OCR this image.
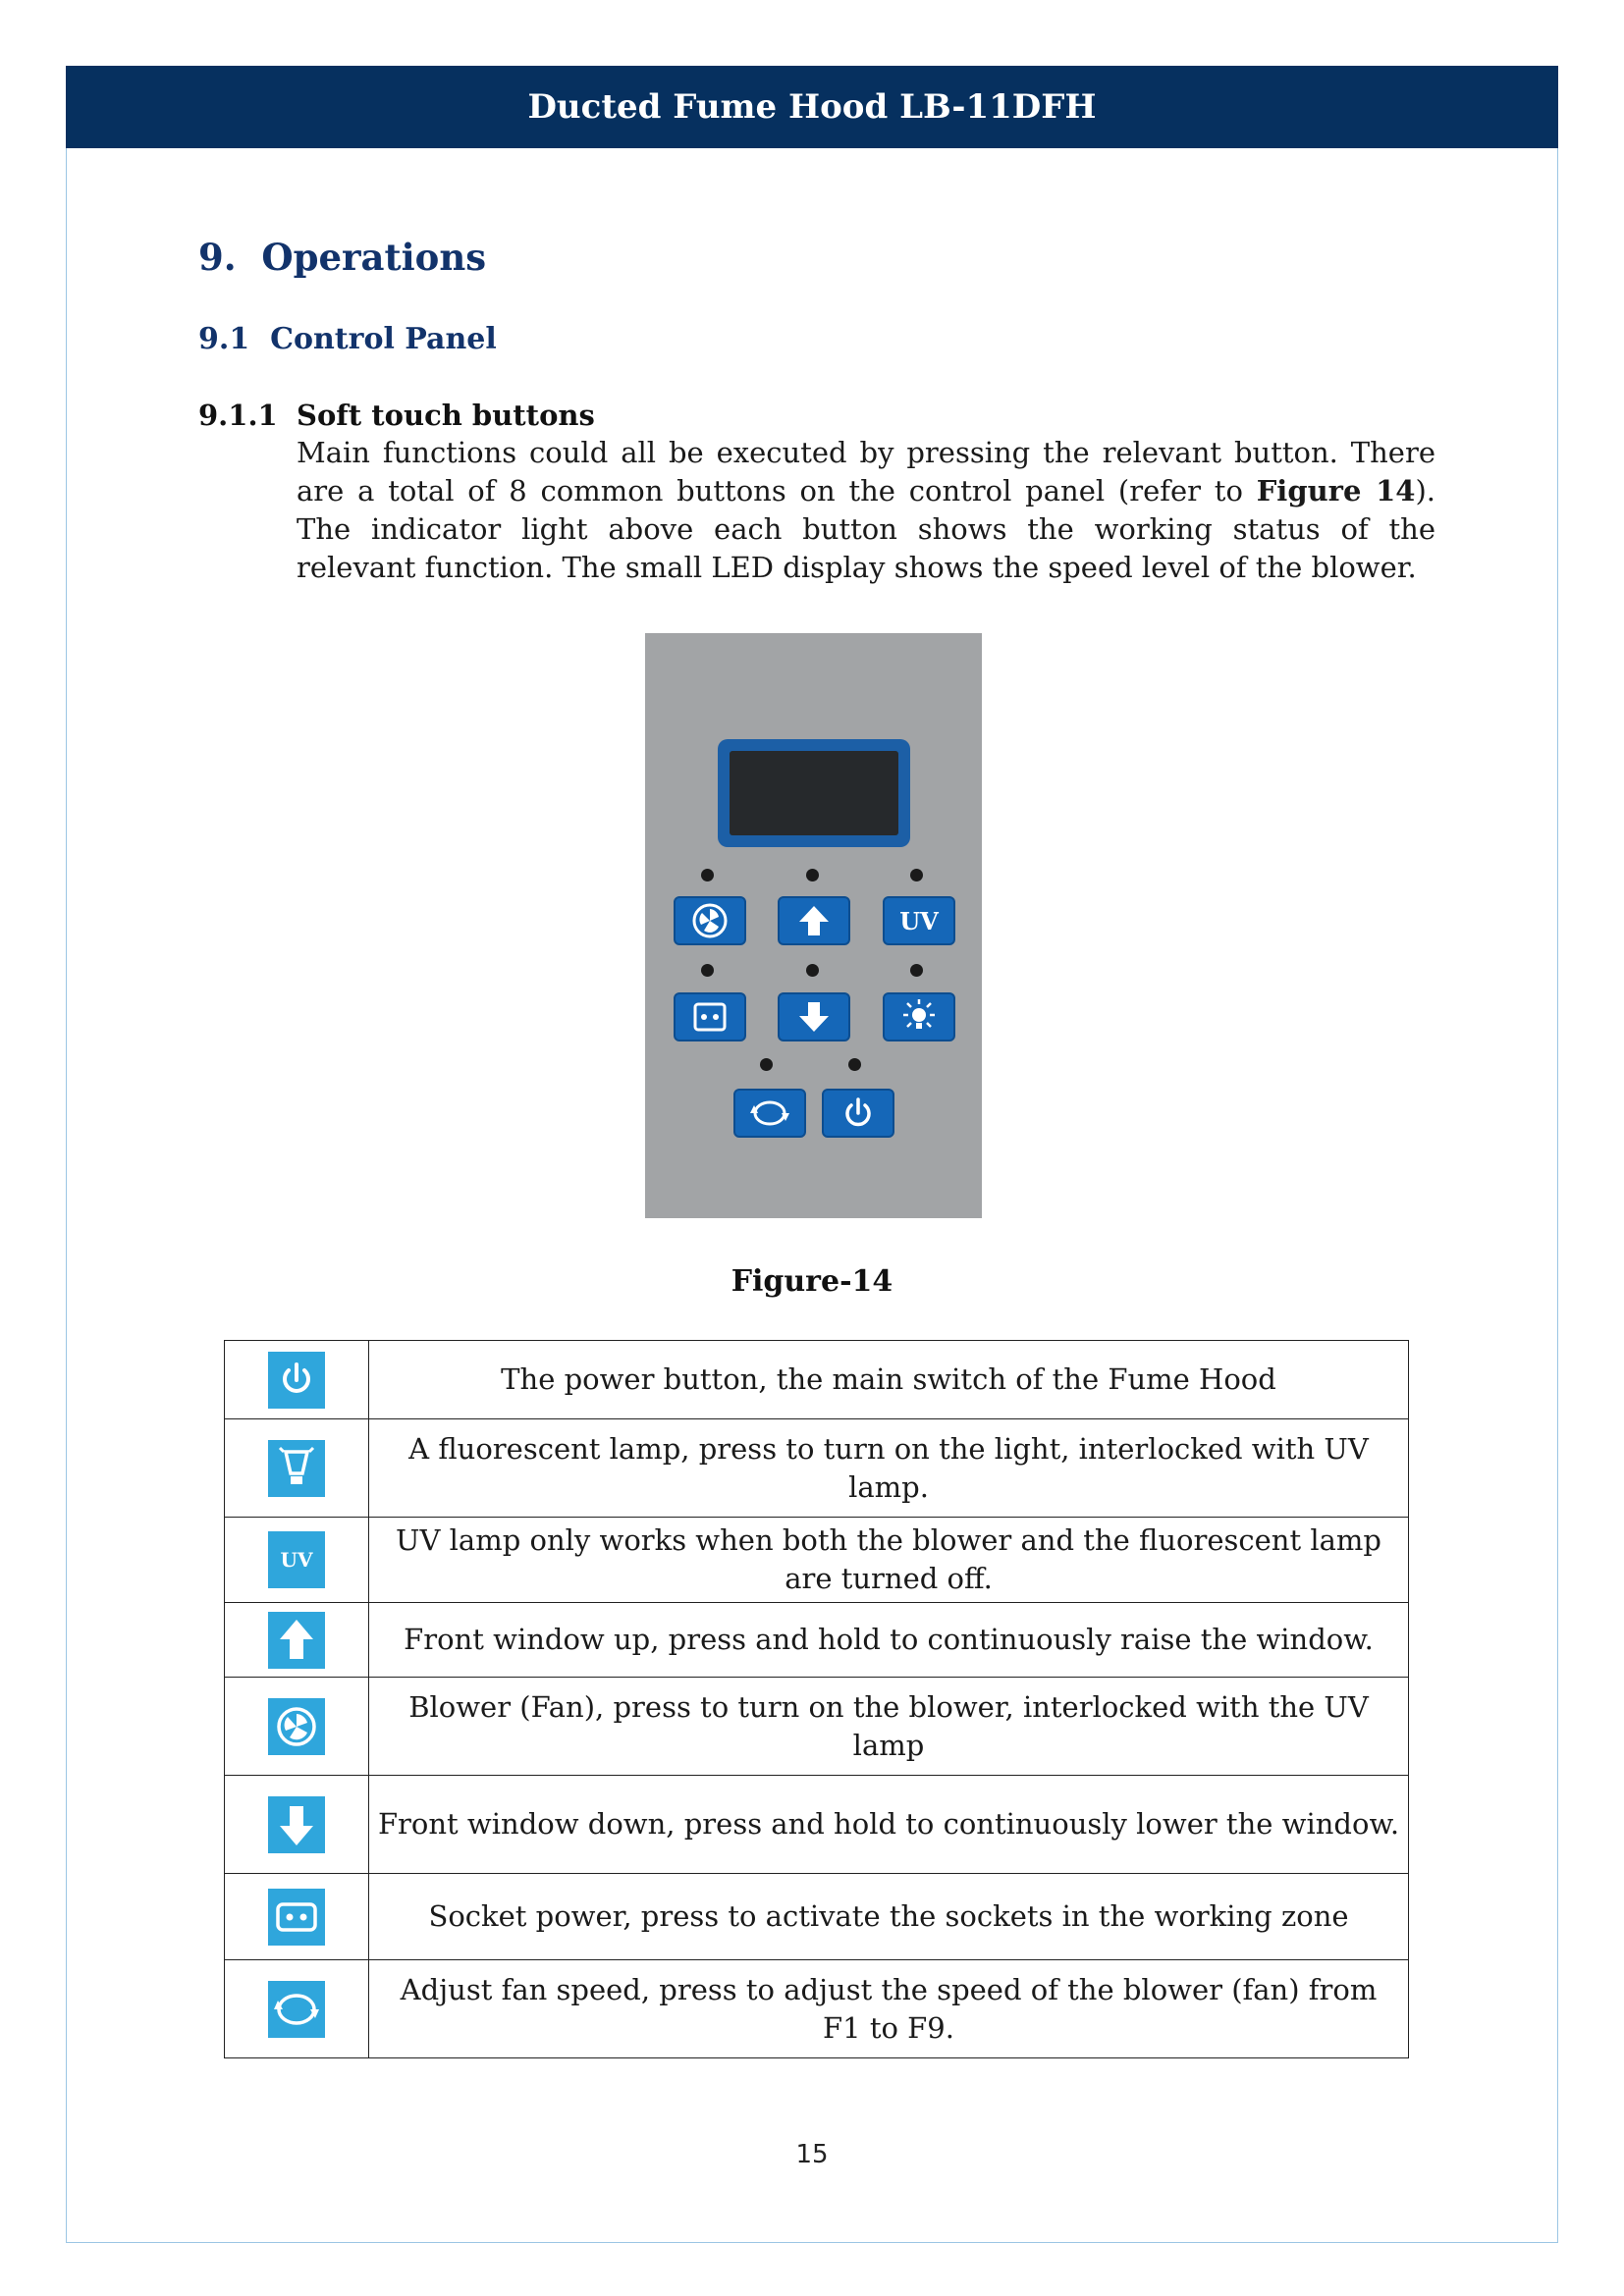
Ducted Fume Hood LB-11DFH
9.  Operations
9.1  Control Panel
9.1.1 Soft touch buttons
Main functions could all be executed by pressing the relevant button. There are a total of 8 common buttons on the control panel (refer to Figure 14). The indicator light above each button shows the working status of the relevant function. The small LED display shows the speed level of the blower.
UV
Figure-14
	The power button, the main switch of the Fume Hood

	A fluorescent lamp, press to turn on the light, interlocked with UV lamp.
UV	UV lamp only works when both the blower and the fluorescent lamp are turned off.

	Front window up, press and hold to continuously raise the window.

	Blower (Fan), press to turn on the blower, interlocked with the UV lamp

	Front window down, press and hold to continuously lower the window.

	Socket power, press to activate the sockets in the working zone

	Adjust fan speed, press to adjust the speed of the blower (fan) from F1 to F9.
15
